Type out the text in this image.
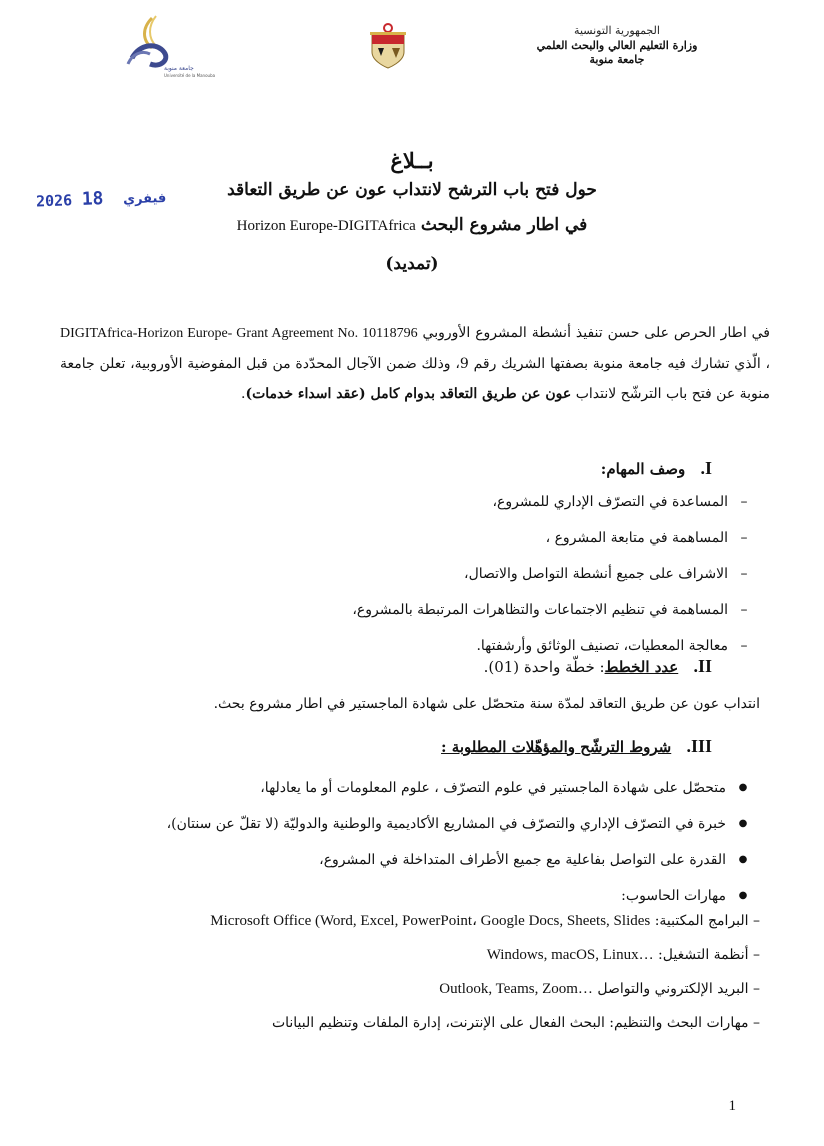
جامعة منوبة
Université de la Manouba
الجمهورية التونسية
وزارة التعليم العالي والبحث العلمي
جامعة منوبة
2026	فيفري 18
بــلاغ
حول فتح باب الترشح لانتداب عون عن طريق التعاقد
في اطار مشروع البحث Horizon Europe-DIGITAfrica
(تمديد)
في اطار الحرص على حسن تنفيذ أنشطة المشروع الأوروبي DIGITAfrica-Horizon Europe- Grant Agreement No. 10118796 ، الّذي تشارك فيه جامعة منوبة بصفتها الشريك رقم 9، وذلك ضمن الآجال المحدّدة من قبل المفوضية الأوروبية، تعلن جامعة منوبة عن فتح باب الترشّح لانتداب عون عن طريق التعاقد بدوام كامل (عقد اسداء خدمات).
I. وصف المهام:
– المساعدة في التصرّف الإداري للمشروع،
– المساهمة في متابعة المشروع ،
– الاشراف على جميع أنشطة التواصل والاتصال،
– المساهمة في تنظيم الاجتماعات والتظاهرات المرتبطة بالمشروع،
– معالجة المعطيات، تصنيف الوثائق وأرشفتها.
II. عدد الخطط: خطّة واحدة (01).
انتداب عون عن طريق التعاقد لمدّة سنة متحصّل على شهادة الماجستير في اطار مشروع بحث.
III. شروط الترشّح والمؤهّلات المطلوبة :
● متحصّل على شهادة الماجستير في علوم التصرّف ، علوم المعلومات أو ما يعادلها،
● خبرة في التصرّف الإداري والتصرّف في المشاريع الأكاديمية والوطنية والدوليّة (لا تقلّ عن سنتان)،
● القدرة على التواصل بفاعلية مع جميع الأطراف المتداخلة في المشروع،
● مهارات الحاسوب:
– البرامج المكتبية: Microsoft Office (Word, Excel, PowerPoint، Google Docs, Sheets, Slides
– أنظمة التشغيل: Windows, macOS, Linux…
– البريد الإلكتروني والتواصل Outlook, Teams, Zoom…
– مهارات البحث والتنظيم: البحث الفعال على الإنترنت، إدارة الملفات وتنظيم البيانات
1
